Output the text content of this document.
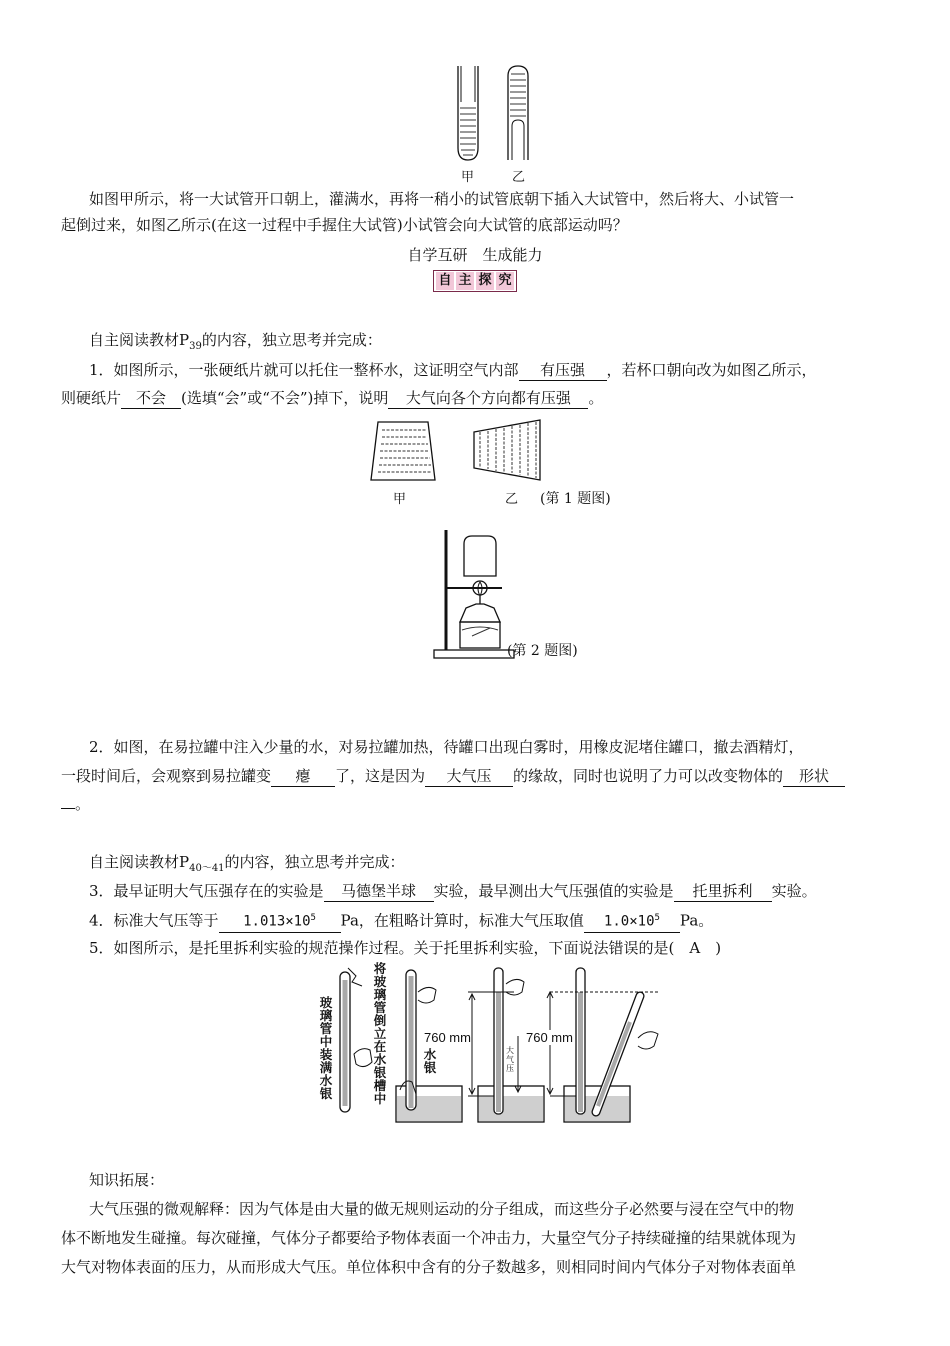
甲	乙
如图甲所示，将一大试管开口朝上，灌满水，再将一稍小的试管底朝下插入大试管中，然后将大、小试管一
起倒过来，如图乙所示(在这一过程中手握住大试管)小试管会向大试管的底部运动吗？
自学互研　生成能力
自 主 探 究
自主阅读教材$P_{39}$的内容，独立思考并完成：
1．如图所示，一张硬纸片就可以托住一整杯水，这证明空气内部 有压强 ，若杯口朝向改为如图乙所示，
则硬纸片 不会 (选填“会”或“不会”)掉下，说明 大气向各个方向都有压强 。
甲	乙 (第 1 题图)
(第 2 题图)
2．如图，在易拉罐中注入少量的水，对易拉罐加热，待罐口出现白雾时，用橡皮泥堵住罐口，撤去酒精灯，
一段时间后，会观察到易拉罐变 瘪 了，这是因为 大气压 的缘故，同时也说明了力可以改变物体的 形状
。
自主阅读教材$P_{40\sim 41}$的内容，独立思考并完成：
3．最早证明大气压强存在的实验是 马德堡半球 实验，最早测出大气压强值的实验是 托里拆利 实验。
4．标准大气压等于 $1.013\times 10^5$ Pa，在粗略计算时，标准大气压取值 $1.0\times 10^5$ Pa。
5．如图所示，是托里拆利实验的规范操作过程。关于托里拆利实验，下面说法错误的是(　A　)
玻璃管中装满水银
将玻璃管倒立在水银槽中
水银
760 mm
大气压
760 mm
知识拓展：
大气压强的微观解释：因为气体是由大量的做无规则运动的分子组成，而这些分子必然要与浸在空气中的物
体不断地发生碰撞。每次碰撞，气体分子都要给予物体表面一个冲击力，大量空气分子持续碰撞的结果就体现为
大气对物体表面的压力，从而形成大气压。单位体积中含有的分子数越多，则相同时间内气体分子对物体表面单
